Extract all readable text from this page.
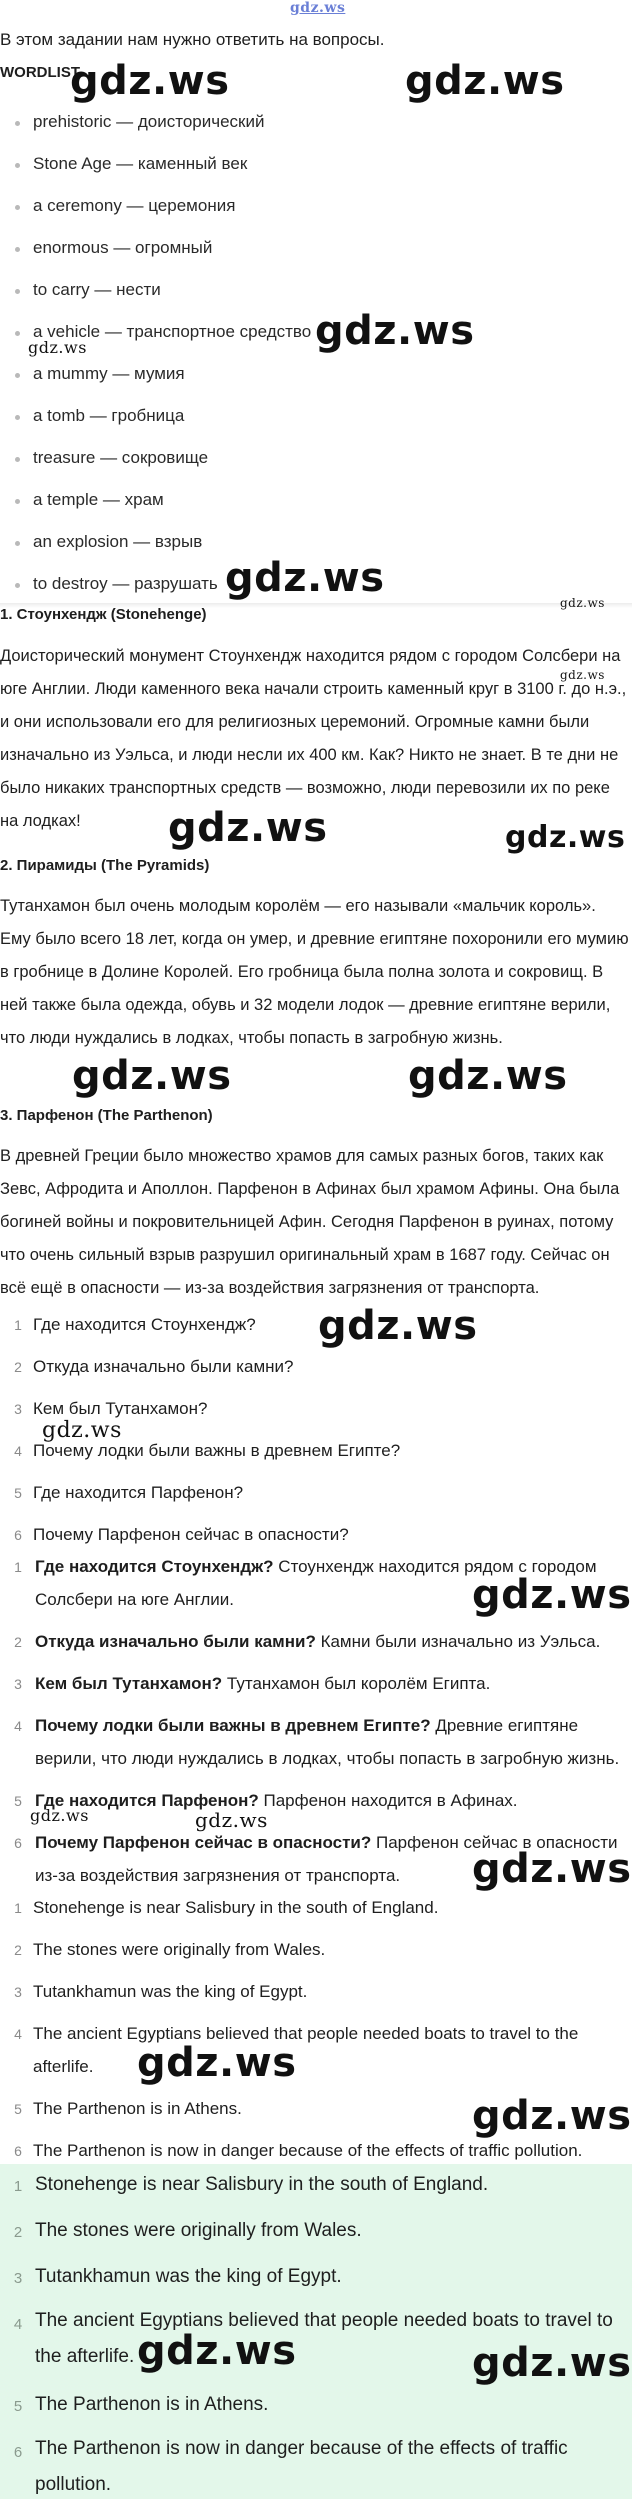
gdz.ws
В этом задании нам нужно ответить на вопросы.
WORDLIST
prehistoric — доисторический
Stone Age — каменный век
a ceremony — церемония
enormous — огромный
to carry — нести
a vehicle — транспортное средство
a mummy — мумия
a tomb — гробница
treasure — сокровище
a temple — храм
an explosion — взрыв
to destroy — разрушать
1. Стоунхендж (Stonehenge)
Доисторический монумент Стоунхендж находится рядом с городом Солсбери на юге Англии. Люди каменного века начали строить каменный круг в 3100 г. до н.э., и они использовали его для религиозных церемоний. Огромные камни были изначально из Уэльса, и люди несли их 400 км. Как? Никто не знает. В те дни не было никаких транспортных средств — возможно, люди перевозили их по реке на лодках!
2. Пирамиды (The Pyramids)
Тутанхамон был очень молодым королём — его называли «мальчик король». Ему было всего 18 лет, когда он умер, и древние египтяне похоронили его мумию в гробнице в Долине Королей. Его гробница была полна золота и сокровищ. В ней также была одежда, обувь и 32 модели лодок — древние египтяне верили, что люди нуждались в лодках, чтобы попасть в загробную жизнь.
3. Парфенон (The Parthenon)
В древней Греции было множество храмов для самых разных богов, таких как Зевс, Афродита и Аполлон. Парфенон в Афинах был храмом Афины. Она была богиней войны и покровительницей Афин. Сегодня Парфенон в руинах, потому что очень сильный взрыв разрушил оригинальный храм в 1687 году. Сейчас он всё ещё в опасности — из-за воздействия загрязнения от транспорта.
1 Где находится Стоунхендж?
2 Откуда изначально были камни?
3 Кем был Тутанхамон?
4 Почему лодки были важны в древнем Египте?
5 Где находится Парфенон?
6 Почему Парфенон сейчас в опасности?
1 Где находится Стоунхендж? Стоунхендж находится рядом с городом Солсбери на юге Англии.
2 Откуда изначально были камни? Камни были изначально из Уэльса.
3 Кем был Тутанхамон? Тутанхамон был королём Египта.
4 Почему лодки были важны в древнем Египте? Древние египтяне верили, что люди нуждались в лодках, чтобы попасть в загробную жизнь.
5 Где находится Парфенон? Парфенон находится в Афинах.
6 Почему Парфенон сейчас в опасности? Парфенон сейчас в опасности из-за воздействия загрязнения от транспорта.
1 Stonehenge is near Salisbury in the south of England.
2 The stones were originally from Wales.
3 Tutankhamun was the king of Egypt.
4 The ancient Egyptians believed that people needed boats to travel to the afterlife.
5 The Parthenon is in Athens.
6 The Parthenon is now in danger because of the effects of traffic pollution.
1 Stonehenge is near Salisbury in the south of England.
2 The stones were originally from Wales.
3 Tutankhamun was the king of Egypt.
4 The ancient Egyptians believed that people needed boats to travel to the afterlife.
5 The Parthenon is in Athens.
6 The Parthenon is now in danger because of the effects of traffic pollution.
gdz.ws	gdz.ws
gdz.ws
gdz.ws
gdz.ws
gdz.ws
gdz.ws
gdz.ws	gdz.ws
gdz.ws	gdz.ws
gdz.ws
gdz.ws
gdz.ws
gdz.ws	gdz.ws
gdz.ws
gdz.ws
gdz.ws
gdz.ws	gdz.ws
